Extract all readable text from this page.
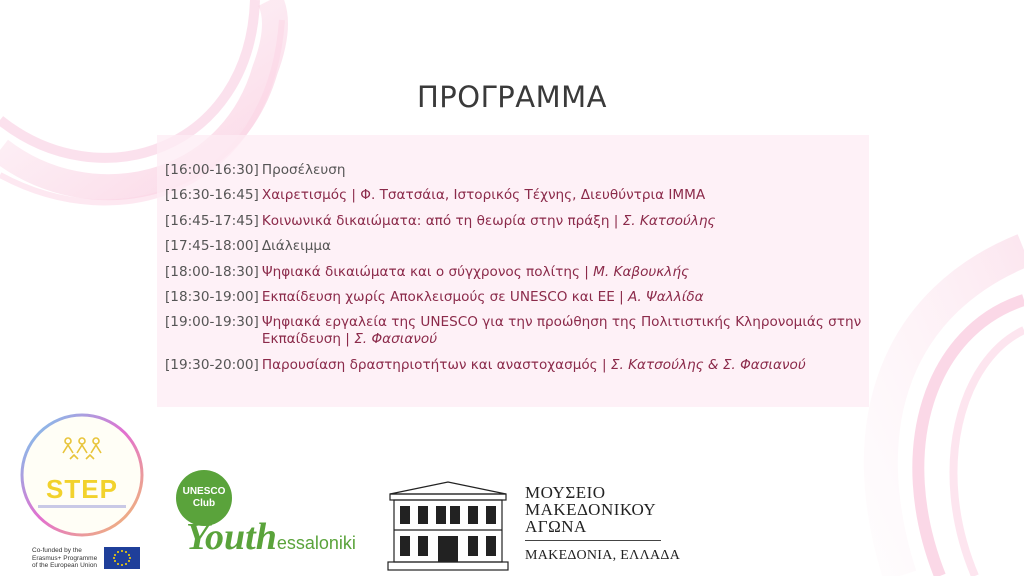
ΠΡΟΓΡΑΜΜΑ
[16:00-16:30] Προσέλευση
[16:30-16:45] Χαιρετισμός | Φ. Τσατσάια, Ιστορικός Τέχνης, Διευθύντρια ΙΜΜΑ
[16:45-17:45] Κοινωνικά δικαιώματα: από τη θεωρία στην πράξη | Σ. Κατσούλης
[17:45-18:00] Διάλειμμα
[18:00-18:30] Ψηφιακά δικαιώματα και ο σύγχρονος πολίτης | Μ. Καβουκλής
[18:30-19:00] Εκπαίδευση χωρίς Αποκλεισμούς σε UNESCO και ΕΕ | Α. Ψαλλίδα
[19:00-19:30] Ψηφιακά εργαλεία της UNESCO για την προώθηση της Πολιτιστικής Κληρονομιάς στην Εκπαίδευση | Σ. Φασιανού
[19:30-20:00] Παρουσίαση δραστηριοτήτων και αναστοχασμός | Σ. Κατσούλης & Σ. Φασιανού
STEP
Co-funded by the
Erasmus+ Programme
of the European Union
UNESCO
Club
Youthessaloniki
ΜΟΥΣΕΙΟ
ΜΑΚΕΔΟΝΙΚΟΥ
ΑΓΩΝΑ
ΜΑΚΕΔΟΝΙΑ, ΕΛΛΑΔΑ
